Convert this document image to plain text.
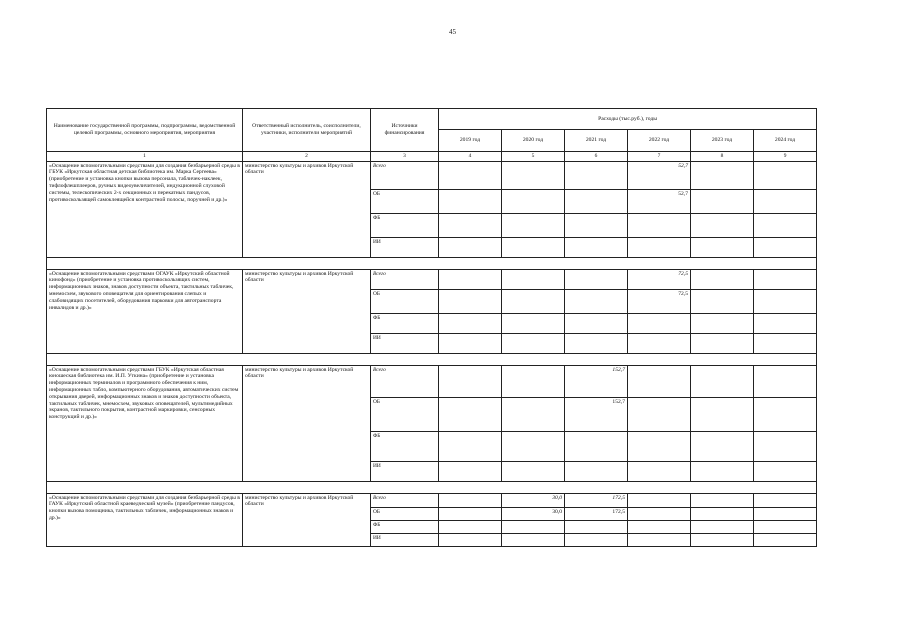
45
Наименование государственной программы, подпрограммы, ведомственной целевой программы, основного мероприятия, мероприятия	Ответственный исполнитель, соисполнители, участники, исполнители мероприятий	Источники финансирования	Расходы (тыс.руб.), годы					
			2019 год	2020 год	2021 год	2022 год	2023 год	2024 год
1	2	3	4	5	6	7	8	9
«Оснащение вспомогательными средствами для создания безбарьерной среды в ГБУК «Иркутская областная детская библиотека им. Марка Сергеева» (приобретение и установка кнопки вызова персонала, табличек-наклеек, тифлофлешплееров, ручных видеоувеличителей, индукционной слуховой системы, телескопических 2-х секционных и перекатных пандусов, противоскользящей самоклеящейся контрастной полосы, поручней и др.)»	министерство культуры и архивов Иркутской области	Всего				52,7		
		ОБ				52,7		
		ФБ						
		ИИ						

«Оснащение вспомогательными средствами ОГАУК «Иркутский областной кинофонд» (приобретение и установка противоскользящих систем, информационных знаков, знаков доступности объекта, тактильных табличек, мнемосхем, звукового оповещателя для ориентирования слепых и слабовидящих посетителей, оборудования парковки для автотранспорта инвалидов и др.)»	министерство культуры и архивов Иркутской области	Всего				72,5		
		ОБ				72,5		
		ФБ						
		ИИ						

«Оснащение вспомогательными средствами ГБУК «Иркутская областная юношеская библиотека им. И.П. Уткина» (приобретение и установка информационных терминалов и программного обеспечения к ним, информационных табло, компьютерного оборудования, автоматических систем открывания дверей, информационных знаков и знаков доступности объекта, тактильных табличек, мнемосхем, звуковых оповещателей, мультимедийных экранов, тактильного покрытия, контрастной маркировки, сенсорных конструкций и др.)»	министерство культуры и архивов Иркутской области	Всего			152,7			
		ОБ			152,7			
		ФБ						
		ИИ						

«Оснащение вспомогательными средствами для создания безбарьерной среды в ГАУК «Иркутский областной краеведческий музей» (приобретение пандусов, кнопки вызова помощника, тактильных табличек, информационных знаков и др.)»	министерство культуры и архивов Иркутской области	Всего		30,0	172,5			
		ОБ		30,0	172,5			
		ФБ						
		ИИ						
